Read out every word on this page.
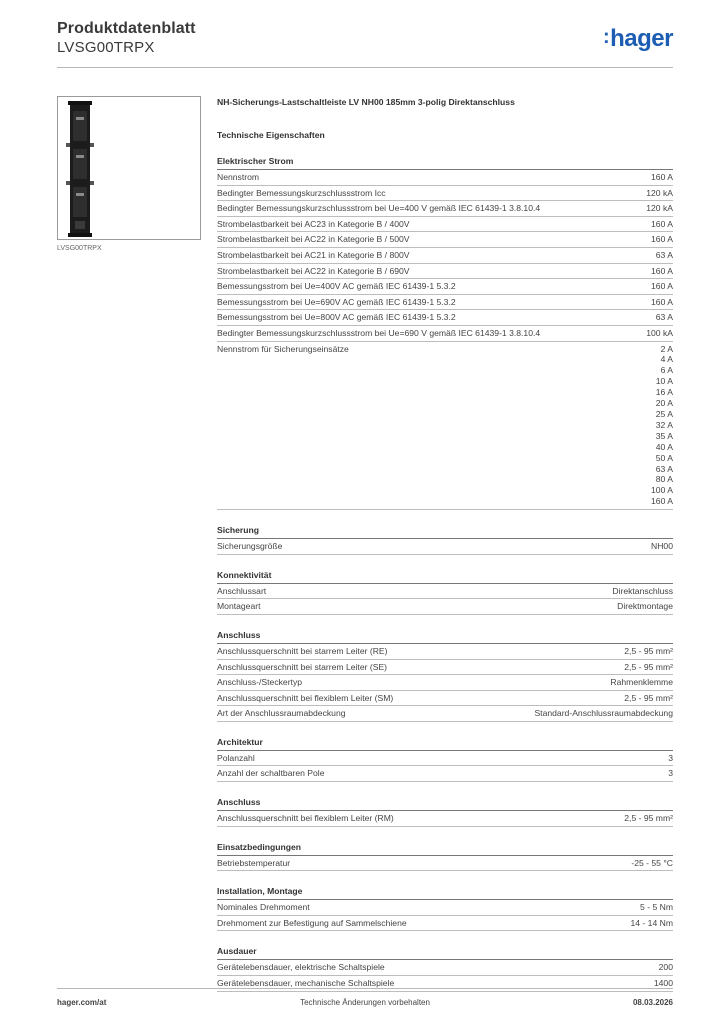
Produktdatenblatt
LVSG00TRPX	:hager
LVSG00TRPX
NH-Sicherungs-Lastschaltleiste LV NH00 185mm 3-polig Direktanschluss
Technische Eigenschaften
Elektrischer Strom
Nennstrom	160 A
Bedingter Bemessungskurzschlussstrom Icc	120 kA
Bedingter Bemessungskurzschlussstrom bei Ue=400 V gemäß IEC 61439-1 3.8.10.4	120 kA
Strombelastbarkeit bei AC23 in Kategorie B / 400V	160 A
Strombelastbarkeit bei AC22 in Kategorie B / 500V	160 A
Strombelastbarkeit bei AC21 in Kategorie B / 800V	63 A
Strombelastbarkeit bei AC22 in Kategorie B / 690V	160 A
Bemessungsstrom bei Ue=400V AC gemäß IEC 61439-1 5.3.2	160 A
Bemessungsstrom bei Ue=690V AC gemäß IEC 61439-1 5.3.2	160 A
Bemessungsstrom bei Ue=800V AC gemäß IEC 61439-1 5.3.2	63 A
Bedingter Bemessungskurzschlussstrom bei Ue=690 V gemäß IEC 61439-1 3.8.10.4	100 kA
Nennstrom für Sicherungseinsätze	2 A
4 A
6 A
10 A
16 A
20 A
25 A
32 A
35 A
40 A
50 A
63 A
80 A
100 A
160 A
Sicherung
Sicherungsgröße	NH00
Konnektivität
Anschlussart	Direktanschluss
Montageart	Direktmontage
Anschluss
Anschlussquerschnitt bei starrem Leiter (RE)	2,5 - 95 mm²
Anschlussquerschnitt bei starrem Leiter (SE)	2,5 - 95 mm²
Anschluss-/Steckertyp	Rahmenklemme
Anschlussquerschnitt bei flexiblem Leiter (SM)	2,5 - 95 mm²
Art der Anschlussraumabdeckung	Standard-Anschlussraumabdeckung
Architektur
Polanzahl	3
Anzahl der schaltbaren Pole	3
Anschluss
Anschlussquerschnitt bei flexiblem Leiter (RM)	2,5 - 95 mm²
Einsatzbedingungen
Betriebstemperatur	-25 - 55 °C
Installation, Montage
Nominales Drehmoment	5 - 5 Nm
Drehmoment zur Befestigung auf Sammelschiene	14 - 14 Nm
Ausdauer
Gerätelebensdauer, elektrische Schaltspiele	200
Gerätelebensdauer, mechanische Schaltspiele	1400
hager.com/at	Technische Änderungen vorbehalten	08.03.2026
